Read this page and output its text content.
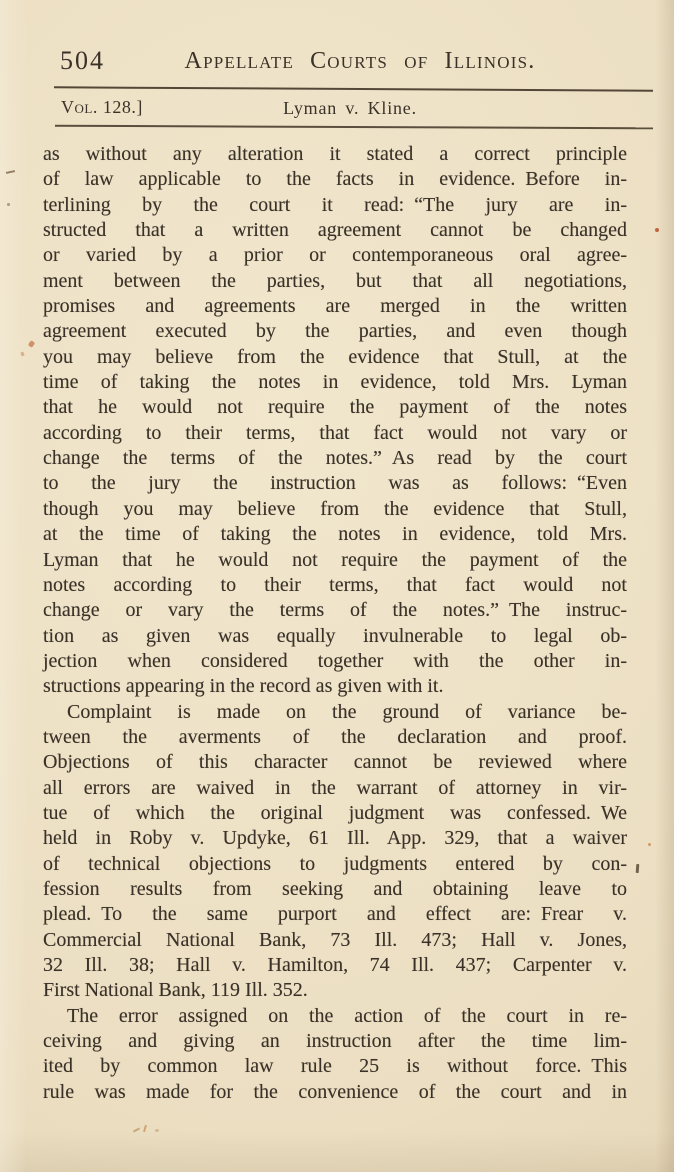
504	Appellate Courts of Illinois.
Vol. 128.]	Lyman v. Kline.
as without any alteration it stated a correct principle
of law applicable to the facts in evidence. Before in-
terlining by the court it read: “The jury are in-
structed that a written agreement cannot be changed
or varied by a prior or contemporaneous oral agree-
ment between the parties, but that all negotiations,
promises and agreements are merged in the written
agreement executed by the parties, and even though
you may believe from the evidence that Stull, at the
time of taking the notes in evidence, told Mrs. Lyman
that he would not require the payment of the notes
according to their terms, that fact would not vary or
change the terms of the notes.” As read by the court
to the jury the instruction was as follows: “Even
though you may believe from the evidence that Stull,
at the time of taking the notes in evidence, told Mrs.
Lyman that he would not require the payment of the
notes according to their terms, that fact would not
change or vary the terms of the notes.” The instruc-
tion as given was equally invulnerable to legal ob-
jection when considered together with the other in-
structions appearing in the record as given with it.
Complaint is made on the ground of variance be-
tween the averments of the declaration and proof.
Objections of this character cannot be reviewed where
all errors are waived in the warrant of attorney in vir-
tue of which the original judgment was confessed. We
held in Roby v. Updyke, 61 Ill. App. 329, that a waiver
of technical objections to judgments entered by con-
fession results from seeking and obtaining leave to
plead. To the same purport and effect are: Frear v.
Commercial National Bank, 73 Ill. 473; Hall v. Jones,
32 Ill. 38; Hall v. Hamilton, 74 Ill. 437; Carpenter v.
First National Bank, 119 Ill. 352.
The error assigned on the action of the court in re-
ceiving and giving an instruction after the time lim-
ited by common law rule 25 is without force. This
rule was made for the convenience of the court and in
